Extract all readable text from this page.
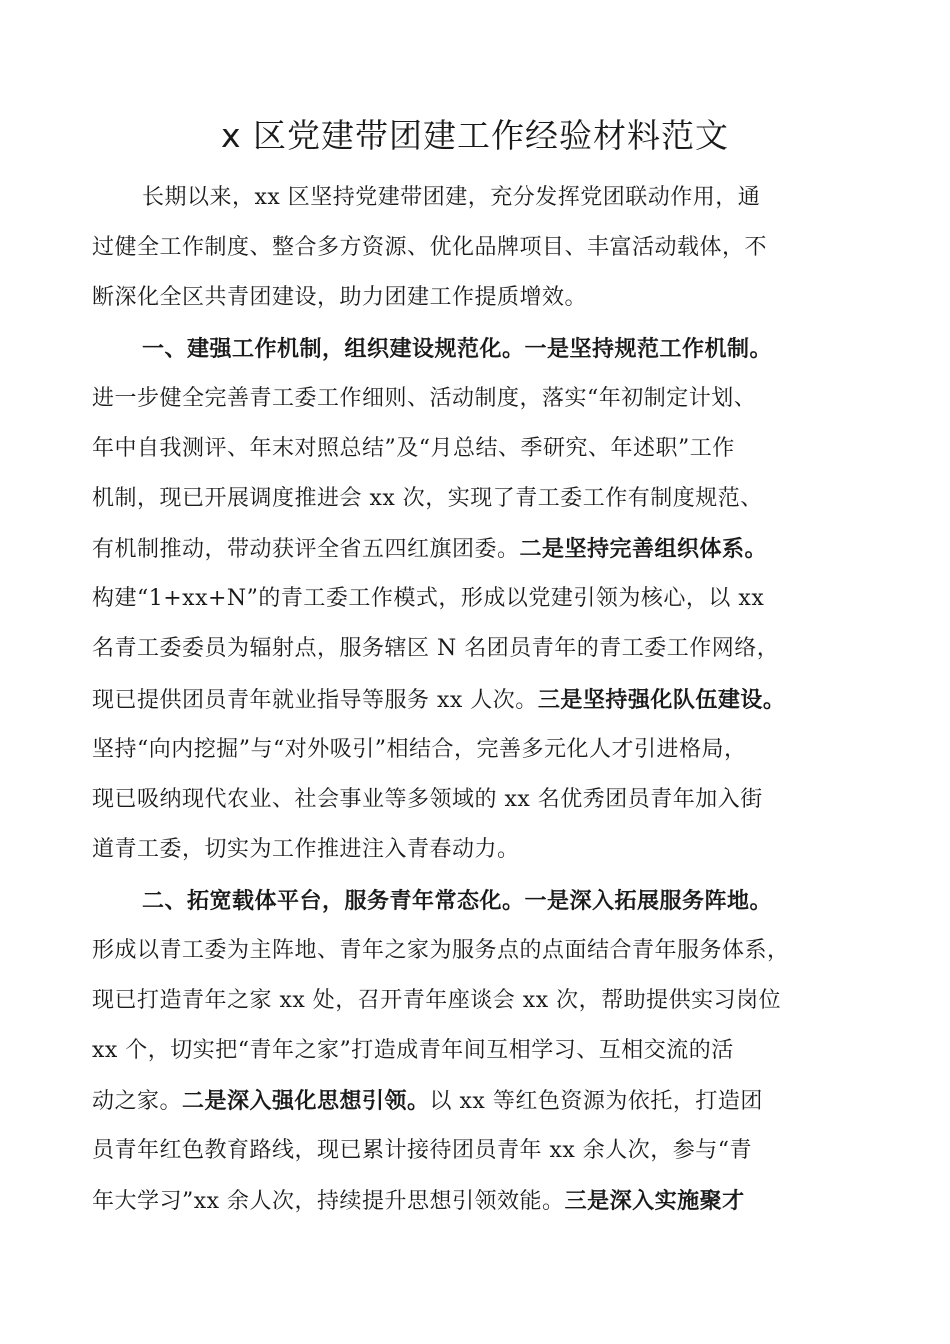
x 区党建带团建工作经验材料范文
长期以来，xx 区坚持党建带团建，充分发挥党团联动作用，通
过健全工作制度、整合多方资源、优化品牌项目、丰富活动载体，不
断深化全区共青团建设，助力团建工作提质增效。
一、建强工作机制，组织建设规范化。一是坚持规范工作机制。
进一步健全完善青工委工作细则、活动制度，落实“年初制定计划、
年中自我测评、年末对照总结”及“月总结、季研究、年述职”工作
机制，现已开展调度推进会 xx 次，实现了青工委工作有制度规范、
有机制推动，带动获评全省五四红旗团委。二是坚持完善组织体系。
构建“1+xx+N”的青工委工作模式，形成以党建引领为核心，以 xx
名青工委委员为辐射点，服务辖区 N 名团员青年的青工委工作网络，
现已提供团员青年就业指导等服务 xx 人次。三是坚持强化队伍建设。
坚持“向内挖掘”与“对外吸引”相结合，完善多元化人才引进格局，
现已吸纳现代农业、社会事业等多领域的 xx 名优秀团员青年加入街
道青工委，切实为工作推进注入青春动力。
二、拓宽载体平台，服务青年常态化。一是深入拓展服务阵地。
形成以青工委为主阵地、青年之家为服务点的点面结合青年服务体系，
现已打造青年之家 xx 处，召开青年座谈会 xx 次，帮助提供实习岗位
xx 个，切实把“青年之家”打造成青年间互相学习、互相交流的活
动之家。二是深入强化思想引领。以 xx 等红色资源为依托，打造团
员青年红色教育路线，现已累计接待团员青年 xx 余人次，参与“青
年大学习”xx 余人次，持续提升思想引领效能。三是深入实施聚才
